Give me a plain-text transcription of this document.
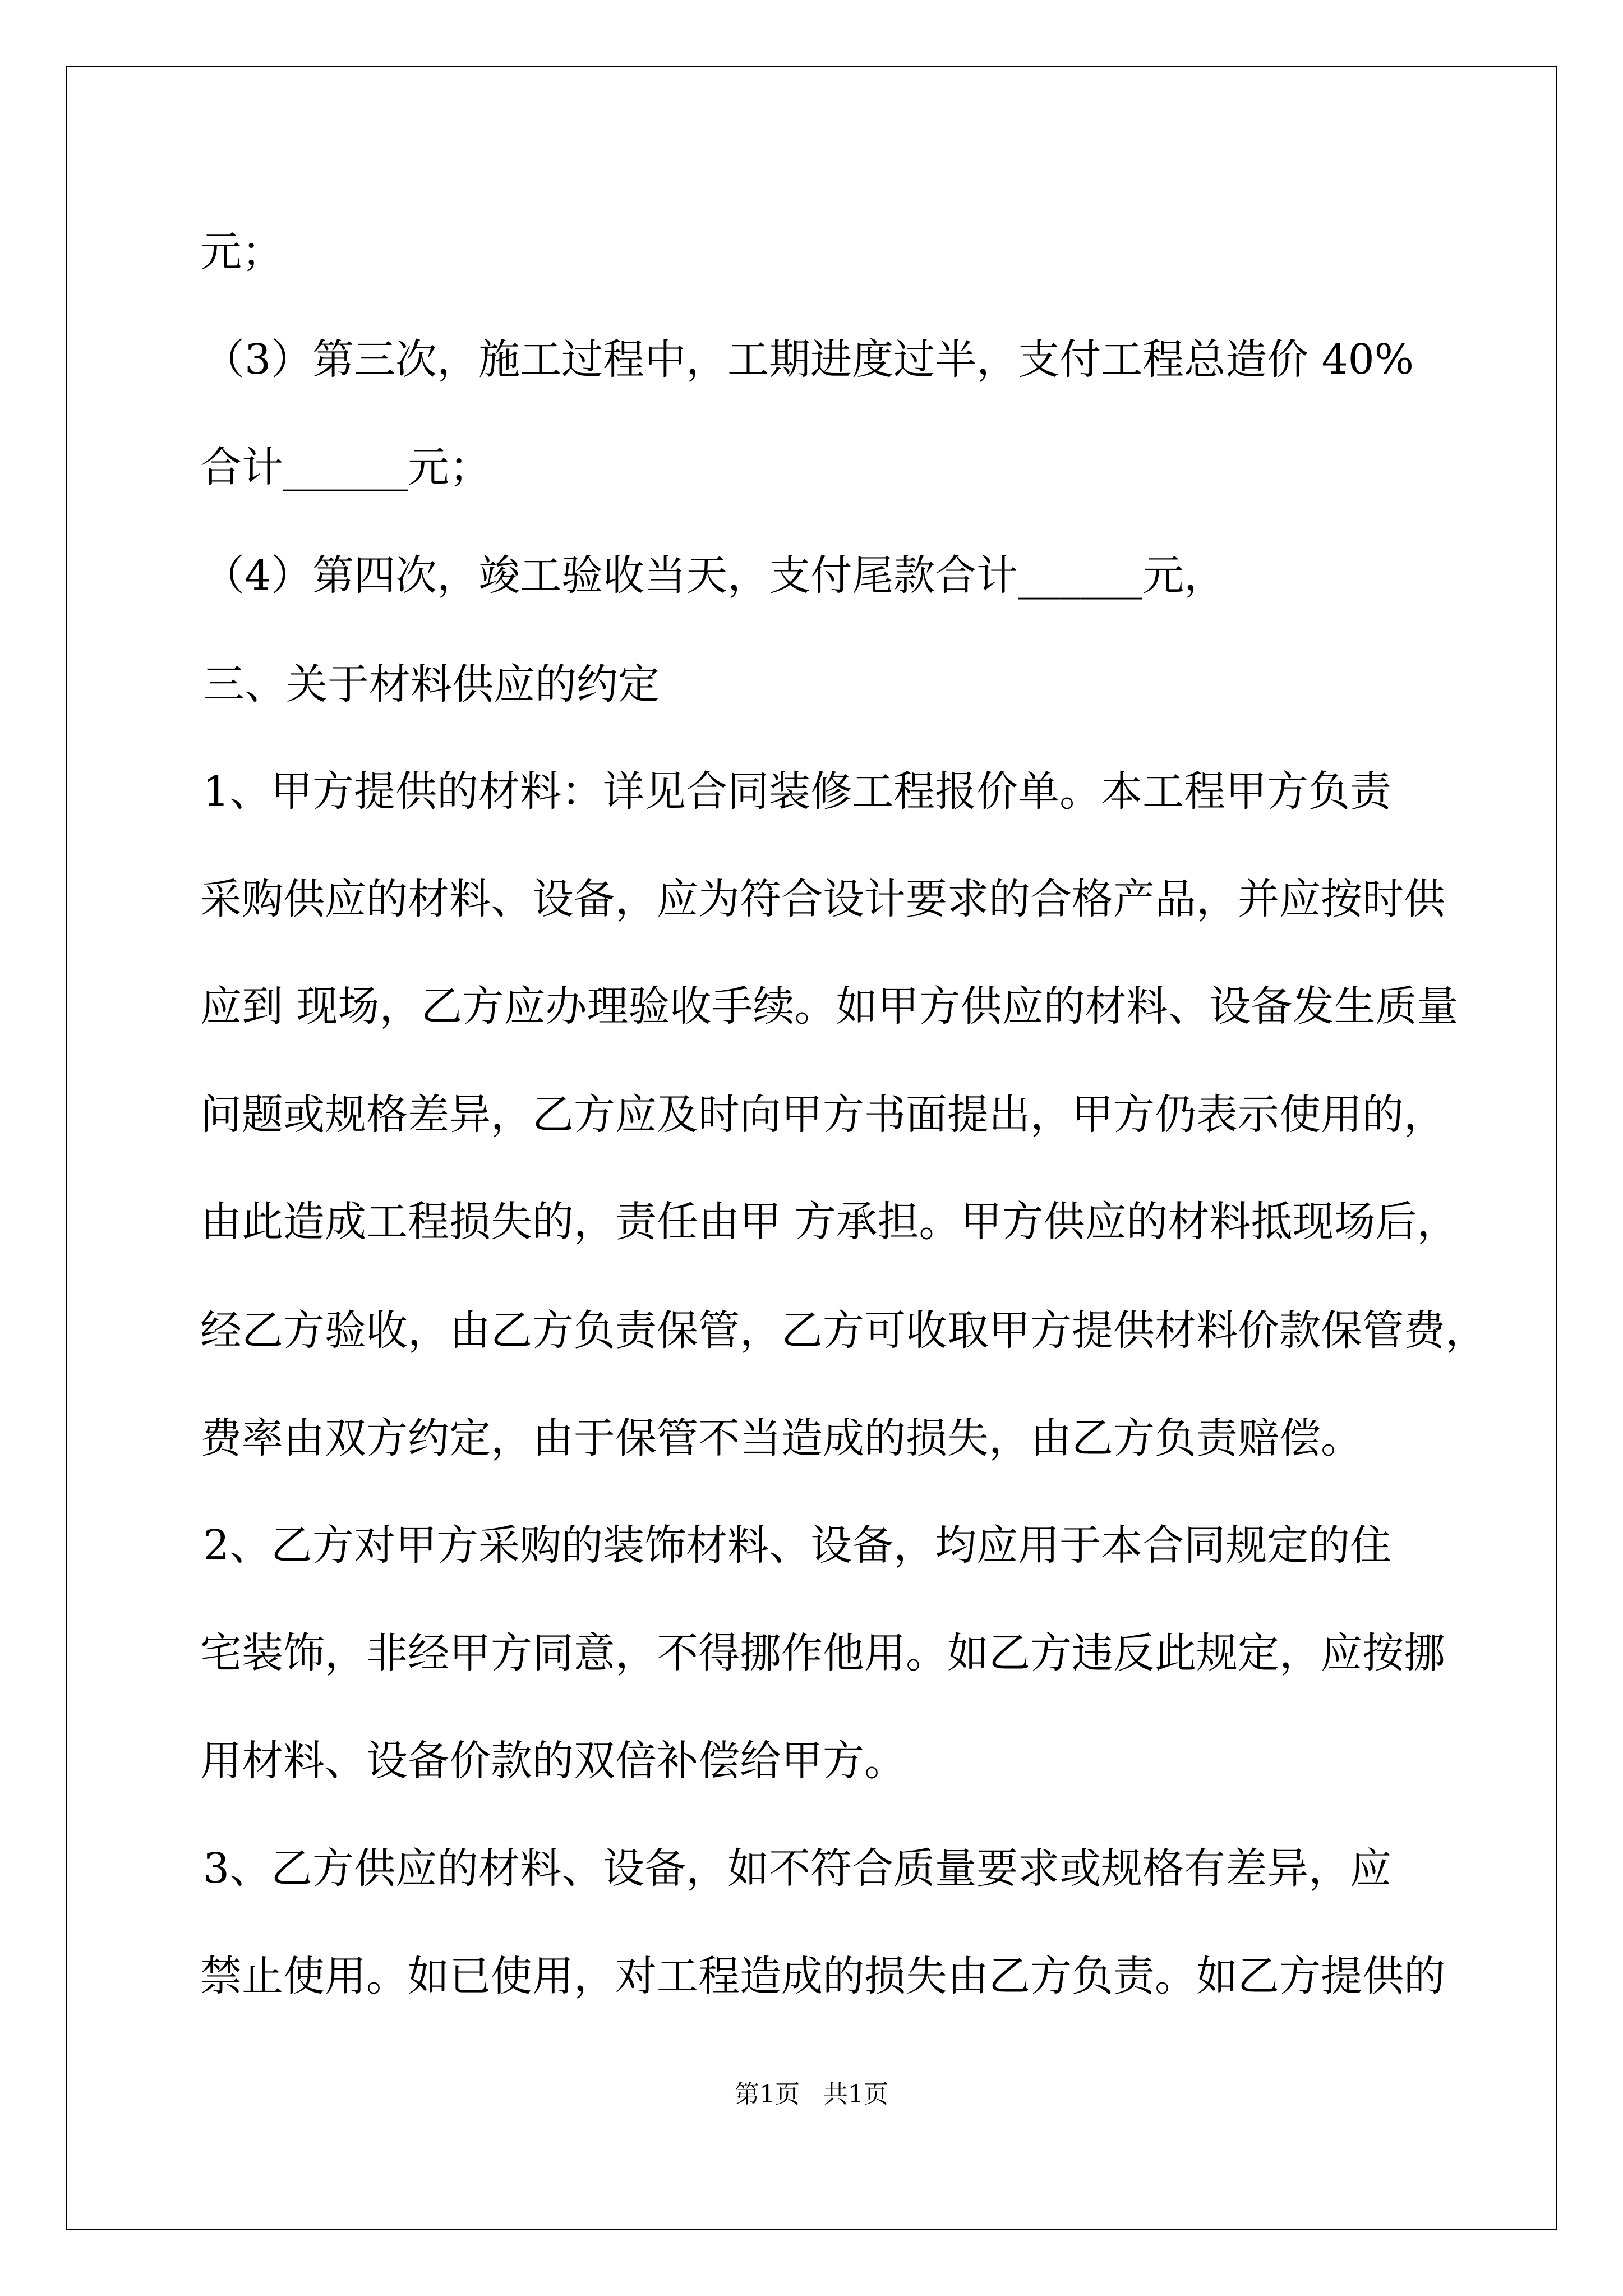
元；

（3）第三次，施工过程中，工期进度过半，支付工程总造价 40%

合计______元；

（4）第四次，竣工验收当天，支付尾款合计______元，

三、关于材料供应的约定

1、甲方提供的材料：详见合同装修工程报价单。本工程甲方负责

采购供应的材料、设备，应为符合设计要求的合格产品，并应按时供

应到 现场，乙方应办理验收手续。如甲方供应的材料、设备发生质量

问题或规格差异，乙方应及时向甲方书面提出，甲方仍表示使用的，

由此造成工程损失的，责任由甲 方承担。甲方供应的材料抵现场后，

经乙方验收，由乙方负责保管，乙方可收取甲方提供材料价款保管费，

费率由双方约定，由于保管不当造成的损失，由乙方负责赔偿。

2、乙方对甲方采购的装饰材料、设备，均应用于本合同规定的住

宅装饰，非经甲方同意，不得挪作他用。如乙方违反此规定，应按挪

用材料、设备价款的双倍补偿给甲方。

3、乙方供应的材料、设备，如不符合质量要求或规格有差异，应

禁止使用。如已使用，对工程造成的损失由乙方负责。如乙方提供的

第1页   共1页
